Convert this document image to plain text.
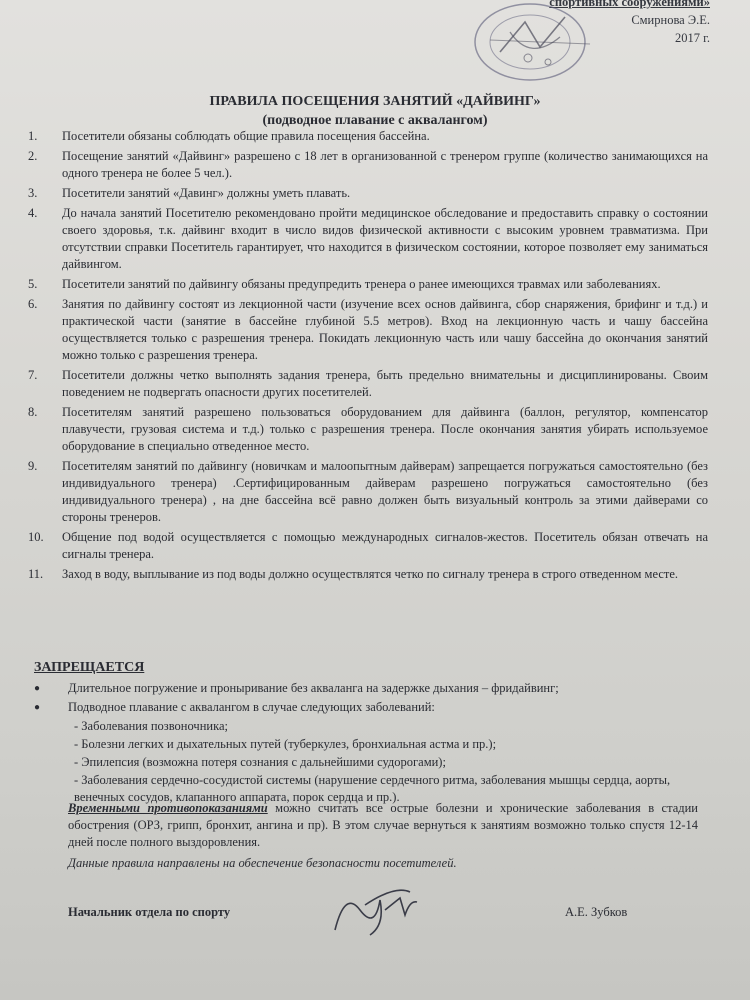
спортивных сооружениями»
Смирнова Э.Е.
2017 г.
ПРАВИЛА ПОСЕЩЕНИЯ ЗАНЯТИЙ «ДАЙВИНГ»
(подводное плавание с аквалангом)
1.	Посетители обязаны соблюдать общие правила посещения бассейна.
2.	Посещение занятий «Дайвинг» разрешено с 18 лет в организованной с тренером группе (количество занимающихся на одного тренера не более 5 чел.).
3.	Посетители занятий «Давинг» должны уметь плавать.
4.	До начала занятий Посетителю рекомендовано пройти медицинское обследование и предоставить справку о состоянии своего здоровья, т.к. дайвинг входит в число видов физической активности с высоким уровнем травматизма. При отсутствии справки Посетитель гарантирует, что находится в физическом состоянии, которое позволяет ему заниматься дайвингом.
5.	Посетители занятий по дайвингу обязаны предупредить тренера о ранее имеющихся травмах или заболеваниях.
6.	Занятия по дайвингу состоят из лекционной части (изучение всех основ дайвинга, сбор снаряжения, брифинг и т.д.) и практической части (занятие в бассейне глубиной 5.5 метров). Вход на лекционную часть и чашу бассейна осуществляется только с разрешения тренера. Покидать лекционную часть или чашу бассейна до окончания занятий можно только с разрешения тренера.
7.	Посетители должны четко выполнять задания тренера, быть предельно внимательны и дисциплинированы. Своим поведением не подвергать опасности других посетителей.
8.	Посетителям занятий разрешено пользоваться оборудованием для дайвинга (баллон, регулятор, компенсатор плавучести, грузовая система и т.д.) только с разрешения тренера. После окончания занятия убирать используемое оборудование в специально отведенное место.
9.	Посетителям занятий по дайвингу (новичкам и малоопытным дайверам) запрещается погружаться самостоятельно (без индивидуального тренера) .Сертифицированным дайверам разрешено погружаться самостоятельно (без индивидуального тренера) , на дне бассейна всё равно должен быть визуальный контроль за этими дайверами со стороны тренеров.
10.	Общение под водой осуществляется с помощью международных сигналов-жестов. Посетитель обязан отвечать на сигналы тренера.
11.	Заход в воду, выплывание из под воды должно осуществлятся четко по сигналу тренера в строго отведенном месте.
ЗАПРЕЩАЕТСЯ
●	Длительное погружение и проныривание без акваланга на задержке дыхания – фридайвинг;
●	Подводное плавание с аквалангом в случае следующих заболеваний:
- Заболевания позвоночника;
- Болезни легких и дыхательных путей (туберкулез, бронхиальная астма и пр.);
- Эпилепсия (возможна потеря сознания с дальнейшими судорогами);
- Заболевания сердечно-сосудистой системы (нарушение сердечного ритма, заболевания мышцы сердца, аорты, венечных сосудов, клапанного аппарата, порок сердца и пр.).
Временными противопоказаниями можно считать все острые болезни и хронические заболевания в стадии обострения (ОРЗ, грипп, бронхит, ангина и пр). В этом случае вернуться к занятиям возможно только спустя 12-14 дней после полного выздоровления.
Данные правила направлены на обеспечение безопасности посетителей.
Начальник отдела по спорту	А.Е. Зубков
